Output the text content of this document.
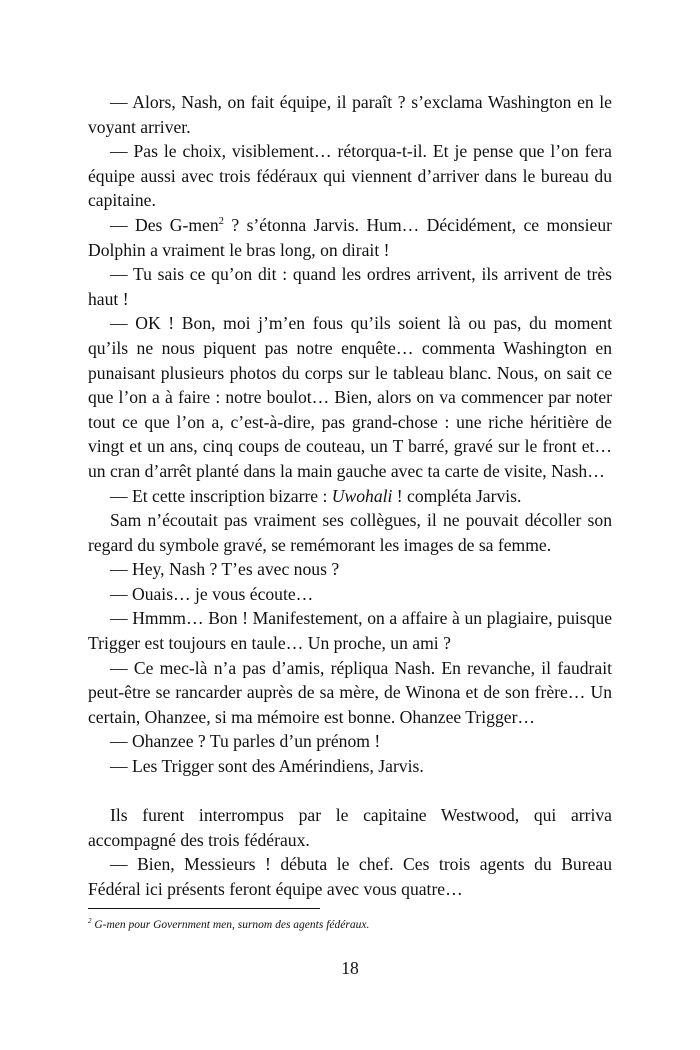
— Alors, Nash, on fait équipe, il paraît ? s’exclama Washington en le voyant arriver.

— Pas le choix, visiblement… rétorqua-t-il. Et je pense que l’on fera équipe aussi avec trois fédéraux qui viennent d’arriver dans le bureau du capitaine.

— Des G-men$^2$ ? s’étonna Jarvis. Hum… Décidément, ce monsieur Dolphin a vraiment le bras long, on dirait !

— Tu sais ce qu’on dit : quand les ordres arrivent, ils arrivent de très haut !

— OK ! Bon, moi j’m’en fous qu’ils soient là ou pas, du moment qu’ils ne nous piquent pas notre enquête… commenta Washington en punaisant plusieurs photos du corps sur le tableau blanc. Nous, on sait ce que l’on a à faire : notre boulot… Bien, alors on va commencer par noter tout ce que l’on a, c’est-à-dire, pas grand-chose : une riche héritière de vingt et un ans, cinq coups de couteau, un T barré, gravé sur le front et… un cran d’arrêt planté dans la main gauche avec ta carte de visite, Nash…

— Et cette inscription bizarre : Uwohali ! compléta Jarvis.

Sam n’écoutait pas vraiment ses collègues, il ne pouvait décoller son regard du symbole gravé, se remémorant les images de sa femme.

— Hey, Nash ? T’es avec nous ?

— Ouais… je vous écoute…

— Hmmm… Bon ! Manifestement, on a affaire à un plagiaire, puisque Trigger est toujours en taule… Un proche, un ami ?

— Ce mec-là n’a pas d’amis, répliqua Nash. En revanche, il faudrait peut-être se rancarder auprès de sa mère, de Winona et de son frère… Un certain, Ohanzee, si ma mémoire est bonne. Ohanzee Trigger…

— Ohanzee ? Tu parles d’un prénom !

— Les Trigger sont des Amérindiens, Jarvis.

Ils furent interrompus par le capitaine Westwood, qui arriva accompagné des trois fédéraux.

— Bien, Messieurs ! débuta le chef. Ces trois agents du Bureau Fédéral ici présents feront équipe avec vous quatre…

$^2$ G-men pour Government men, surnom des agents fédéraux.
18
